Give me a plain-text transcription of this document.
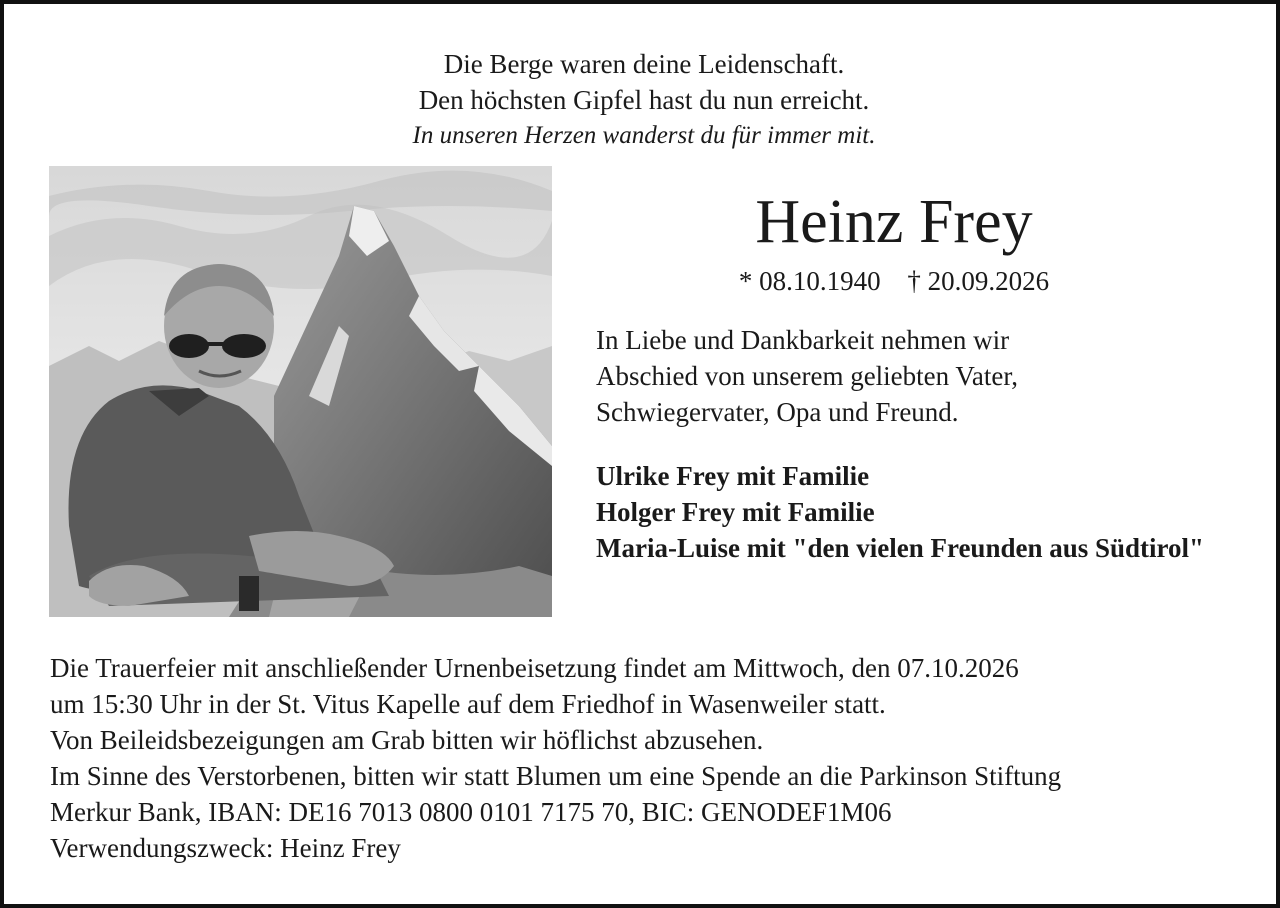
Die Berge waren deine Leidenschaft.
Den höchsten Gipfel hast du nun erreicht.
In unseren Herzen wanderst du für immer mit.
Heinz Frey
* 08.10.1940 † 20.09.2026
In Liebe und Dankbarkeit nehmen wir
Abschied von unserem geliebten Vater,
Schwiegervater, Opa und Freund.
Ulrike Frey mit Familie
Holger Frey mit Familie
Maria-Luise mit "den vielen Freunden aus Südtirol"
Die Trauerfeier mit anschließender Urnenbeisetzung findet am Mittwoch, den 07.10.2026
um 15:30 Uhr in der St. Vitus Kapelle auf dem Friedhof in Wasenweiler statt.
Von Beileidsbezeigungen am Grab bitten wir höflichst abzusehen.
Im Sinne des Verstorbenen, bitten wir statt Blumen um eine Spende an die Parkinson Stiftung
Merkur Bank, IBAN: DE16 7013 0800 0101 7175 70, BIC: GENODEF1M06
Verwendungszweck: Heinz Frey
